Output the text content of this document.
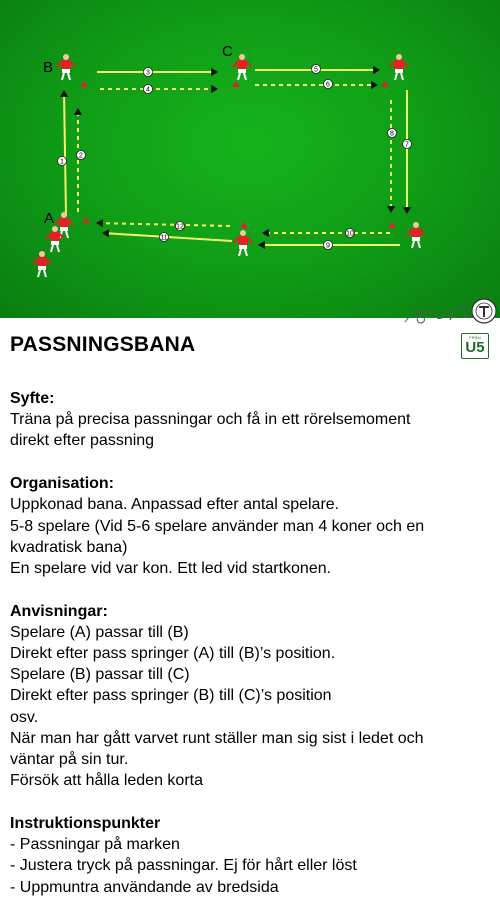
1
2
3
4
5
6
7
8
9
10
11
12
B
C
A
FRÅN
U5
PASSNINGSBANA

Syfte:

Träna på precisa passningar och få in ett rörelsemoment

direkt efter passning

Organisation:

Uppkonad bana. Anpassad efter antal spelare.

5-8 spelare (Vid 5-6 spelare använder man 4 koner och en

kvadratisk bana)

En spelare vid var kon. Ett led vid startkonen.

Anvisningar:

Spelare (A) passar till (B)

Direkt efter pass springer (A) till (B)’s position.

Spelare (B) passar till (C)

Direkt efter pass springer (B) till (C)’s position

osv.

När man har gått varvet runt ställer man sig sist i ledet och

väntar på sin tur.

Försök att hålla leden korta

Instruktionspunkter

- Passningar på marken

- Justera tryck på passningar. Ej för hårt eller löst

- Uppmuntra användande av bredsida
